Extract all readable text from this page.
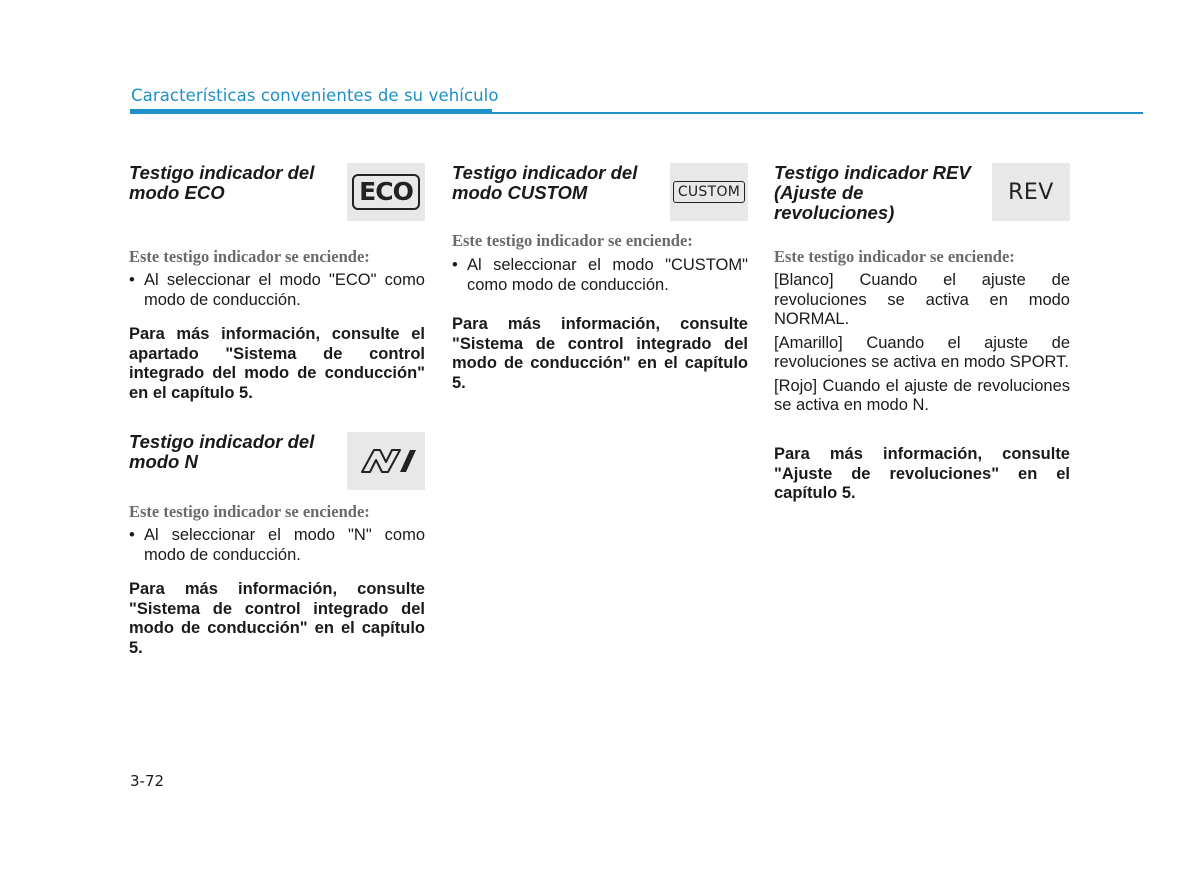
Características convenientes de su vehículo
Testigo indicador del modo ECO	ECO

Este testigo indicador se enciende:

• Al seleccionar el modo "ECO" como modo de conducción.

Para más información, consulte el apartado "Sistema de control integrado del modo de conducción" en el capítulo 5.

Testigo indicador del modo N

Este testigo indicador se enciende:

• Al seleccionar el modo "N" como modo de conducción.

Para más información, consulte "Sistema de control integrado del modo de conducción" en el capítulo 5.

Testigo indicador del modo CUSTOM	CUSTOM

Este testigo indicador se enciende:

• Al seleccionar el modo "CUSTOM" como modo de conducción.

Para más información, consulte "Sistema de control integrado del modo de conducción" en el capítulo 5.

Testigo indicador REV (Ajuste de revoluciones)
REV

Este testigo indicador se enciende:

[Blanco] Cuando el ajuste de revoluciones se activa en modo NORMAL.

[Amarillo] Cuando el ajuste de revoluciones se activa en modo SPORT.

[Rojo] Cuando el ajuste de revoluciones se activa en modo N.

Para más información, consulte "Ajuste de revoluciones" en el capítulo 5.

3-72
